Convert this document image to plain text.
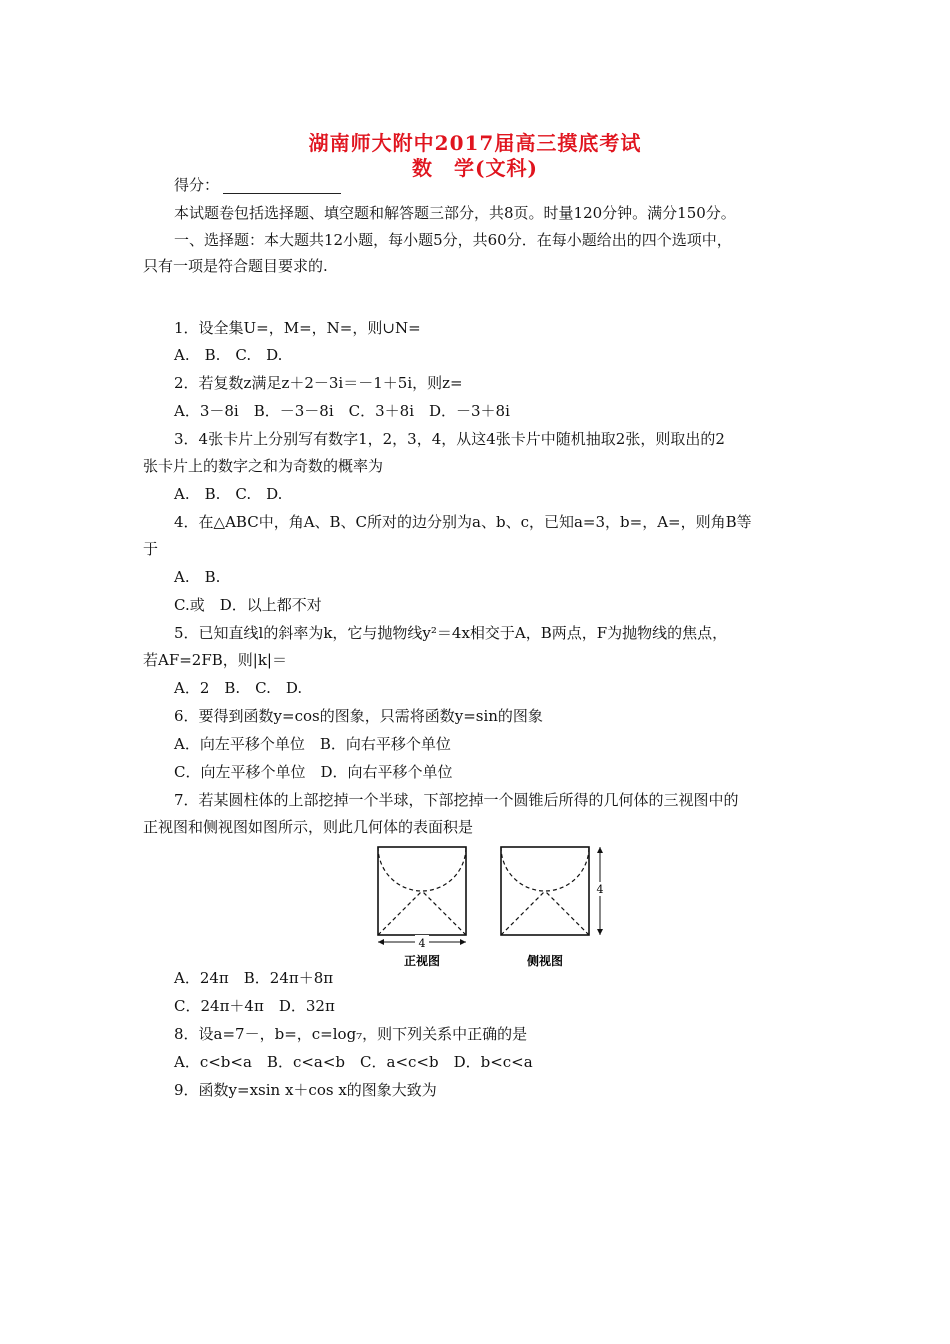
湖南师大附中2017届高三摸底考试
数　学(文科)
得分：
本试题卷包括选择题、填空题和解答题三部分，共8页。时量120分钟。满分150分。
一、选择题：本大题共12小题，每小题5分，共60分．在每小题给出的四个选项中，
只有一项是符合题目要求的.
1．设全集U=，M=，N=，则∪N=
A.　B.　C.　D.
2．若复数z满足z＋2－3i＝－1＋5i，则z=
A．3－8i　B．－3－8i　C．3＋8i　D．－3＋8i
3．4张卡片上分别写有数字1，2，3，4，从这4张卡片中随机抽取2张，则取出的2
张卡片上的数字之和为奇数的概率为
A.　B.　C.　D.
4．在△ABC中，角A、B、C所对的边分别为a、b、c，已知a=3，b=，A=，则角B等
于
A.　B.
C.或　D．以上都不对
5．已知直线l的斜率为k，它与抛物线y²＝4x相交于A，B两点，F为抛物线的焦点，
若AF=2FB，则|k|＝
A．2　B.　C.　D.
6．要得到函数y=cos的图象，只需将函数y=sin的图象
A．向左平移个单位　B．向右平移个单位
C．向左平移个单位　D．向右平移个单位
7．若某圆柱体的上部挖掉一个半球，下部挖掉一个圆锥后所得的几何体的三视图中的
正视图和侧视图如图所示，则此几何体的表面积是
4
正视图
4
侧视图
A．24π　B．24π＋8π
C．24π＋4π　D．32π
8．设a=7－，b=，c=log₇，则下列关系中正确的是
A．c<b<a　B．c<a<b　C．a<c<b　D．b<c<a
9．函数y=xsin x＋cos x的图象大致为
